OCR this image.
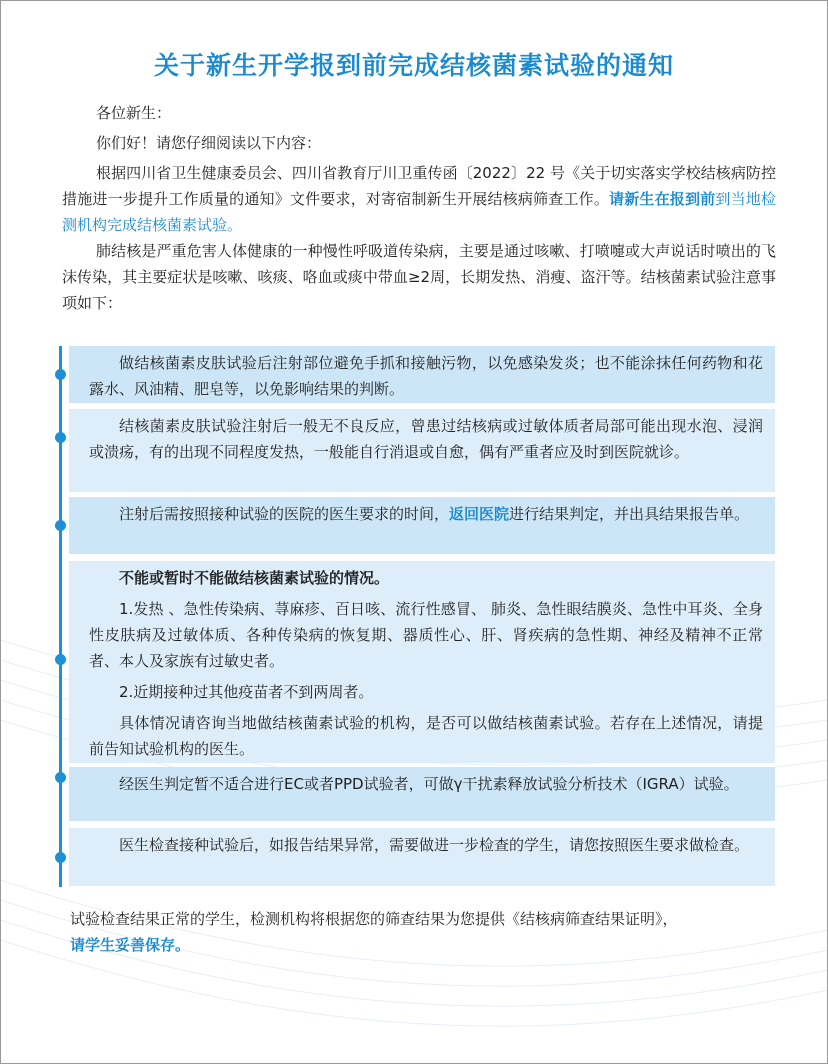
关于新生开学报到前完成结核菌素试验的通知

各位新生：

你们好！请您仔细阅读以下内容：

根据四川省卫生健康委员会、四川省教育厅川卫重传函〔2022〕22 号《关于切实落实学校结核病防控措施进一步提升工作质量的通知》文件要求，对寄宿制新生开展结核病筛查工作。请新生在报到前到当地检测机构完成结核菌素试验。

肺结核是严重危害人体健康的一种慢性呼吸道传染病，主要是通过咳嗽、打喷嚏或大声说话时喷出的飞沫传染，其主要症状是咳嗽、咳痰、咯血或痰中带血≥2周，长期发热、消瘦、盗汗等。结核菌素试验注意事项如下：

做结核菌素皮肤试验后注射部位避免手抓和接触污物，以免感染发炎；也不能涂抹任何药物和花露水、风油精、肥皂等，以免影响结果的判断。

结核菌素皮肤试验注射后一般无不良反应，曾患过结核病或过敏体质者局部可能出现水泡、浸润或溃疡，有的出现不同程度发热，一般能自行消退或自愈，偶有严重者应及时到医院就诊。

注射后需按照接种试验的医院的医生要求的时间，返回医院进行结果判定，并出具结果报告单。

不能或暂时不能做结核菌素试验的情况。

1.发热 、急性传染病、荨麻疹、百日咳、流行性感冒、 肺炎、急性眼结膜炎、急性中耳炎、全身性皮肤病及过敏体质、各种传染病的恢复期、器质性心、肝、肾疾病的急性期、神经及精神不正常者、本人及家族有过敏史者。

2.近期接种过其他疫苗者不到两周者。

具体情况请咨询当地做结核菌素试验的机构，是否可以做结核菌素试验。若存在上述情况，请提前告知试验机构的医生。

经医生判定暂不适合进行EC或者PPD试验者，可做γ干扰素释放试验分析技术（IGRA）试验。

医生检查接种试验后，如报告结果异常，需要做进一步检查的学生，请您按照医生要求做检查。

试验检查结果正常的学生，检测机构将根据您的筛查结果为您提供《结核病筛查结果证明》，
请学生妥善保存。
